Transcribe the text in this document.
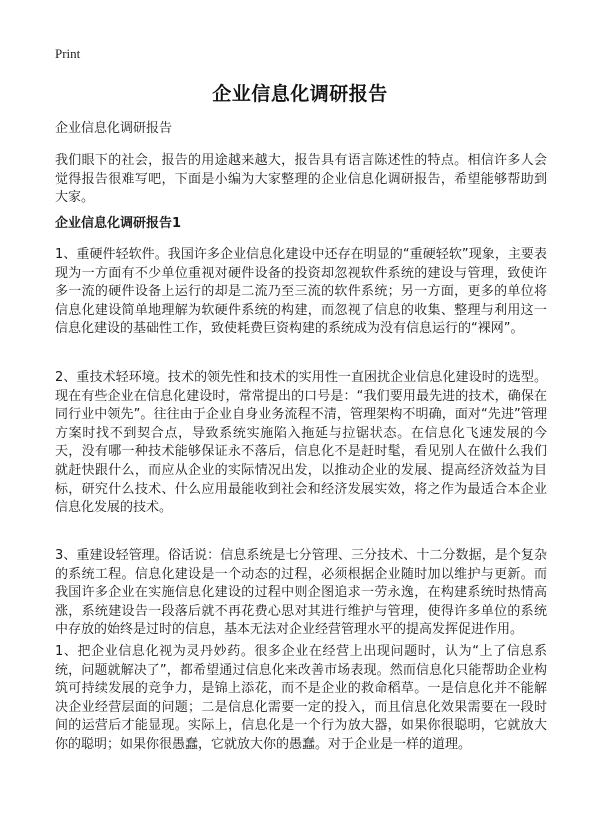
Print
企业信息化调研报告
企业信息化调研报告

我们眼下的社会，报告的用途越来越大，报告具有语言陈述性的特点。相信许多人会觉得报告很难写吧，下面是小编为大家整理的企业信息化调研报告，希望能够帮助到大家。

企业信息化调研报告1

1、重硬件轻软件。我国许多企业信息化建设中还存在明显的“重硬轻软”现象，主要表现为一方面有不少单位重视对硬件设备的投资却忽视软件系统的建设与管理，致使许多一流的硬件设备上运行的却是二流乃至三流的软件系统；另一方面，更多的单位将信息化建设简单地理解为软硬件系统的构建，而忽视了信息的收集、整理与利用这一信息化建设的基础性工作，致使耗费巨资构建的系统成为没有信息运行的“裸网”。

2、重技术轻环境。技术的领先性和技术的实用性一直困扰企业信息化建设时的选型。现在有些企业在信息化建设时，常常提出的口号是：“我们要用最先进的技术，确保在同行业中领先”。往往由于企业自身业务流程不清，管理架构不明确，面对“先进”管理方案时找不到契合点，导致系统实施陷入拖延与拉锯状态。在信息化飞速发展的今天，没有哪一种技术能够保证永不落后，信息化不是赶时髦，看见别人在做什么我们就赶快跟什么，而应从企业的实际情况出发，以推动企业的发展、提高经济效益为目标，研究什么技术、什么应用最能收到社会和经济发展实效，将之作为最适合本企业信息化发展的技术。

3、重建设轻管理。俗话说：信息系统是七分管理、三分技术、十二分数据，是个复杂的系统工程。信息化建设是一个动态的过程，必须根据企业随时加以维护与更新。而我国许多企业在实施信息化建设的过程中则企图追求一劳永逸，在构建系统时热情高涨，系统建设告一段落后就不再花费心思对其进行维护与管理，使得许多单位的系统中存放的始终是过时的信息，基本无法对企业经营管理水平的提高发挥促进作用。

1、把企业信息化视为灵丹妙药。很多企业在经营上出现问题时，认为“上了信息系统，问题就解决了”，都希望通过信息化来改善市场表现。然而信息化只能帮助企业构筑可持续发展的竞争力，是锦上添花，而不是企业的救命稻草。一是信息化并不能解决企业经营层面的问题；二是信息化需要一定的投入，而且信息化效果需要在一段时间的运营后才能显现。实际上，信息化是一个行为放大器，如果你很聪明，它就放大你的聪明；如果你很愚蠢，它就放大你的愚蠢。对于企业是一样的道理。
